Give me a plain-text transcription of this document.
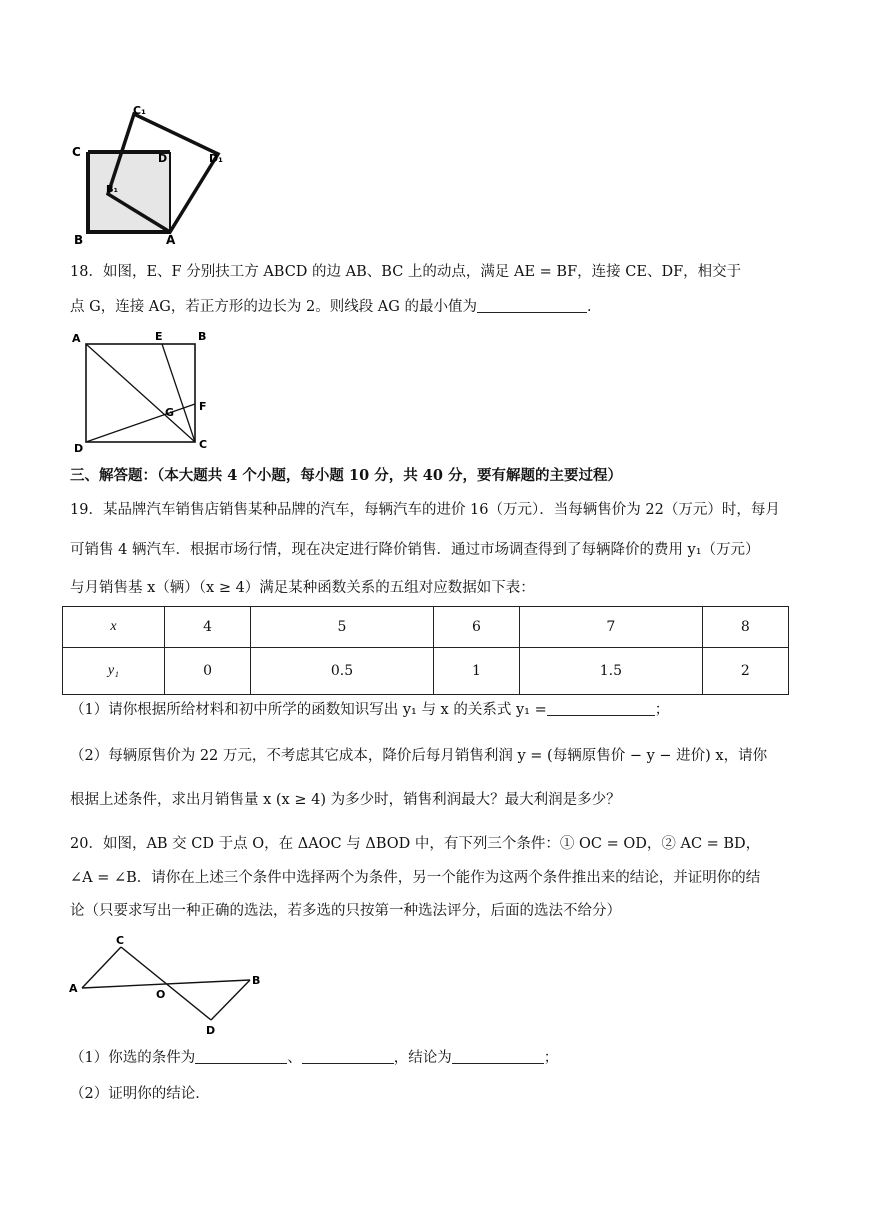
C₁
C	D	D₁
B₁
B	A
18．如图，E、F 分别扶工方 ABCD 的边 AB、BC 上的动点，满足 AE = BF，连接 CE、DF，相交于
点 G，连接 AG，若正方形的边长为 2。则线段 AG 的最小值为	．
A	E	B
G F
D	C
三、解答题：（本大题共 4 个小题，每小题 10 分，共 40 分，要有解题的主要过程）
19．某品牌汽车销售店销售某种品牌的汽车，每辆汽车的进价 16（万元）．当每辆售价为 22（万元）时，每月
可销售 4 辆汽车．根据市场行情，现在决定进行降价销售．通过市场调查得到了每辆降价的费用 y₁（万元）
与月销售基 x（辆）（x ≥ 4）满足某种函数关系的五组对应数据如下表：
x	4	5	6	7	8
y₁	0	0.5	1	1.5	2
（1）请你根据所给材料和初中所学的函数知识写出 y₁ 与 x 的关系式 y₁ =	；
（2）每辆原售价为 22 万元，不考虑其它成本，降价后每月销售利润 y = (每辆原售价 − y − 进价) x，请你
根据上述条件，求出月销售量 x (x ≥ 4) 为多少时，销售利润最大？最大利润是多少？
20．如图，AB 交 CD 于点 O，在 ΔAOC 与 ΔBOD 中，有下列三个条件：① OC = OD，② AC = BD，
∠A = ∠B．请你在上述三个条件中选择两个为条件，另一个能作为这两个条件推出来的结论，并证明你的结
论（只要求写出一种正确的选法，若多选的只按第一种选法评分，后面的选法不给分）
C
A	O
B
D
（1）你选的条件为	、	，结论为	；
（2）证明你的结论．
